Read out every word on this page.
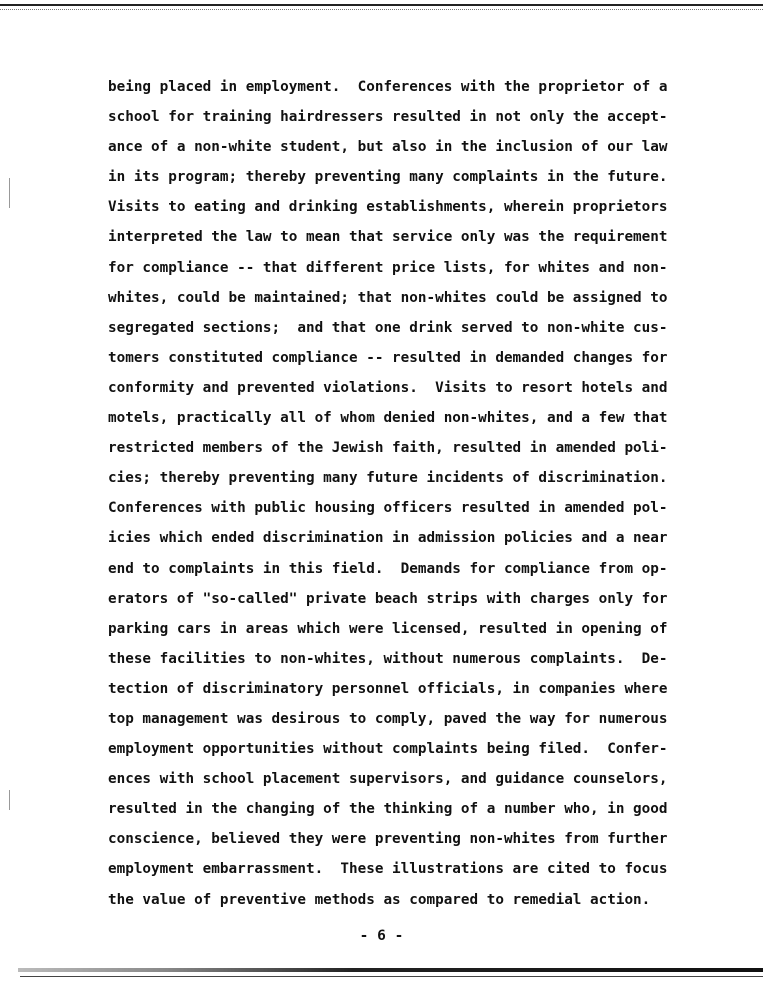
being placed in employment.  Conferences with the proprietor of a
school for training hairdressers resulted in not only the accept-
ance of a non-white student, but also in the inclusion of our law
in its program; thereby preventing many complaints in the future.
Visits to eating and drinking establishments, wherein proprietors
interpreted the law to mean that service only was the requirement
for compliance -- that different price lists, for whites and non-
whites, could be maintained; that non-whites could be assigned to
segregated sections;  and that one drink served to non-white cus-
tomers constituted compliance -- resulted in demanded changes for
conformity and prevented violations.  Visits to resort hotels and
motels, practically all of whom denied non-whites, and a few that
restricted members of the Jewish faith, resulted in amended poli-
cies; thereby preventing many future incidents of discrimination.
Conferences with public housing officers resulted in amended pol-
icies which ended discrimination in admission policies and a near
end to complaints in this field.  Demands for compliance from op-
erators of "so-called" private beach strips with charges only for
parking cars in areas which were licensed, resulted in opening of
these facilities to non-whites, without numerous complaints.  De-
tection of discriminatory personnel officials, in companies where
top management was desirous to comply, paved the way for numerous
employment opportunities without complaints being filed.  Confer-
ences with school placement supervisors, and guidance counselors,
resulted in the changing of the thinking of a number who, in good
conscience, believed they were preventing non-whites from further
employment embarrassment.  These illustrations are cited to focus
the value of preventive methods as compared to remedial action.
- 6 -
